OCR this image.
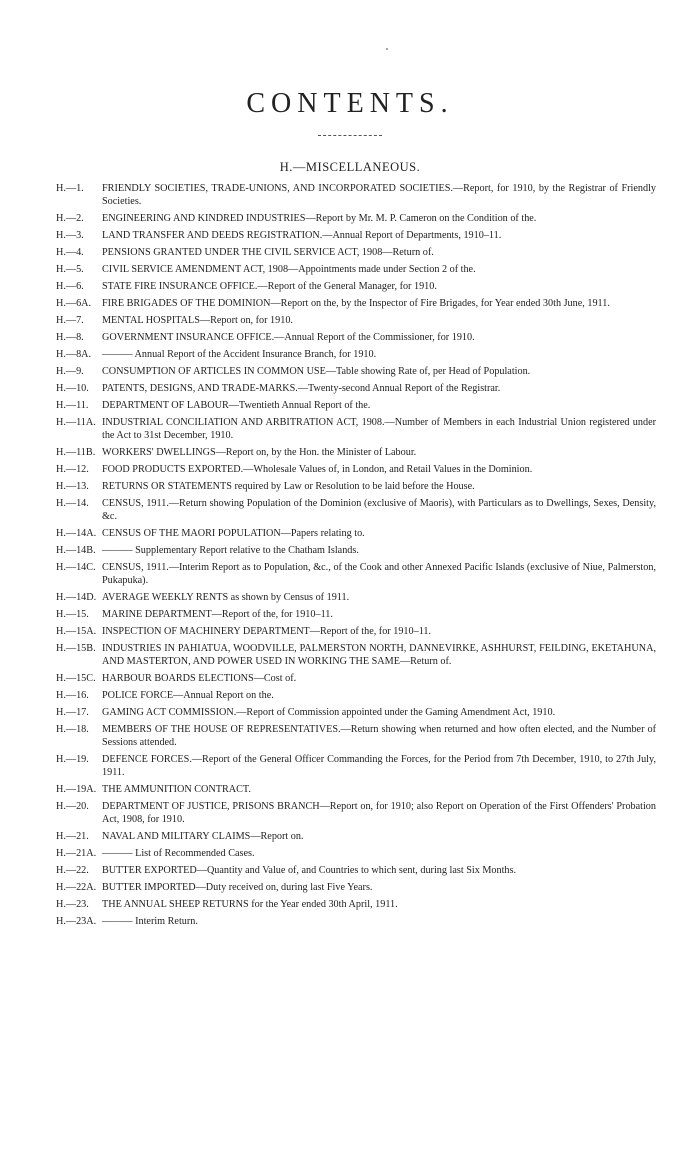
CONTENTS.
H.—MISCELLANEOUS.
H.—1.	FRIENDLY SOCIETIES, TRADE-UNIONS, AND INCORPORATED SOCIETIES.—Report, for 1910, by the Registrar of Friendly Societies.
H.—2.	ENGINEERING AND KINDRED INDUSTRIES—Report by Mr. M. P. Cameron on the Condition of the.
H.—3.	LAND TRANSFER AND DEEDS REGISTRATION.—Annual Report of Departments, 1910–11.
H.—4.	PENSIONS GRANTED UNDER THE CIVIL SERVICE ACT, 1908—Return of.
H.—5.	CIVIL SERVICE AMENDMENT ACT, 1908—Appointments made under Section 2 of the.
H.—6.	STATE FIRE INSURANCE OFFICE.—Report of the General Manager, for 1910.
H.—6A.	FIRE BRIGADES OF THE DOMINION—Report on the, by the Inspector of Fire Brigades, for Year ended 30th June, 1911.
H.—7.	MENTAL HOSPITALS—Report on, for 1910.
H.—8.	GOVERNMENT INSURANCE OFFICE.—Annual Report of the Commissioner, for 1910.
H.—8A.	——— Annual Report of the Accident Insurance Branch, for 1910.
H.—9.	CONSUMPTION OF ARTICLES IN COMMON USE—Table showing Rate of, per Head of Population.
H.—10.	PATENTS, DESIGNS, AND TRADE-MARKS.—Twenty-second Annual Report of the Registrar.
H.—11.	DEPARTMENT OF LABOUR—Twentieth Annual Report of the.
H.—11A. INDUSTRIAL CONCILIATION AND ARBITRATION ACT, 1908.—Number of Members in each Industrial Union registered under the Act to 31st December, 1910.
H.—11B. WORKERS' DWELLINGS—Report on, by the Hon. the Minister of Labour.
H.—12.	FOOD PRODUCTS EXPORTED.—Wholesale Values of, in London, and Retail Values in the Dominion.
H.—13.	RETURNS OR STATEMENTS required by Law or Resolution to be laid before the House.
H.—14.	CENSUS, 1911.—Return showing Population of the Dominion (exclusive of Maoris), with Particulars as to Dwellings, Sexes, Density, &c.
H.—14A. CENSUS OF THE MAORI POPULATION—Papers relating to.
H.—14B. ——— Supplementary Report relative to the Chatham Islands.
H.—14C. CENSUS, 1911.—Interim Report as to Population, &c., of the Cook and other Annexed Pacific Islands (exclusive of Niue, Palmerston, Pukapuka).
H.—14D. AVERAGE WEEKLY RENTS as shown by Census of 1911.
H.—15.	MARINE DEPARTMENT—Report of the, for 1910–11.
H.—15A. INSPECTION OF MACHINERY DEPARTMENT—Report of the, for 1910–11.
H.—15B. INDUSTRIES IN PAHIATUA, WOODVILLE, PALMERSTON NORTH, DANNEVIRKE, ASHHURST, FEILDING, EKETAHUNA, AND MASTERTON, AND POWER USED IN WORKING THE SAME—Return of.
H.—15C. HARBOUR BOARDS ELECTIONS—Cost of.
H.—16.	POLICE FORCE—Annual Report on the.
H.—17.	GAMING ACT COMMISSION.—Report of Commission appointed under the Gaming Amendment Act, 1910.
H.—18.	MEMBERS OF THE HOUSE OF REPRESENTATIVES.—Return showing when returned and how often elected, and the Number of Sessions attended.
H.—19.	DEFENCE FORCES.—Report of the General Officer Commanding the Forces, for the Period from 7th December, 1910, to 27th July, 1911.
H.—19A. THE AMMUNITION CONTRACT.
H.—20.	DEPARTMENT OF JUSTICE, PRISONS BRANCH—Report on, for 1910; also Report on Operation of the First Offenders' Probation Act, 1908, for 1910.
H.—21.	NAVAL AND MILITARY CLAIMS—Report on.
H.—21A. ——— List of Recommended Cases.
H.—22.	BUTTER EXPORTED—Quantity and Value of, and Countries to which sent, during last Six Months.
H.—22A. BUTTER IMPORTED—Duty received on, during last Five Years.
H.—23.	THE ANNUAL SHEEP RETURNS for the Year ended 30th April, 1911.
H.—23A. ——— Interim Return.
